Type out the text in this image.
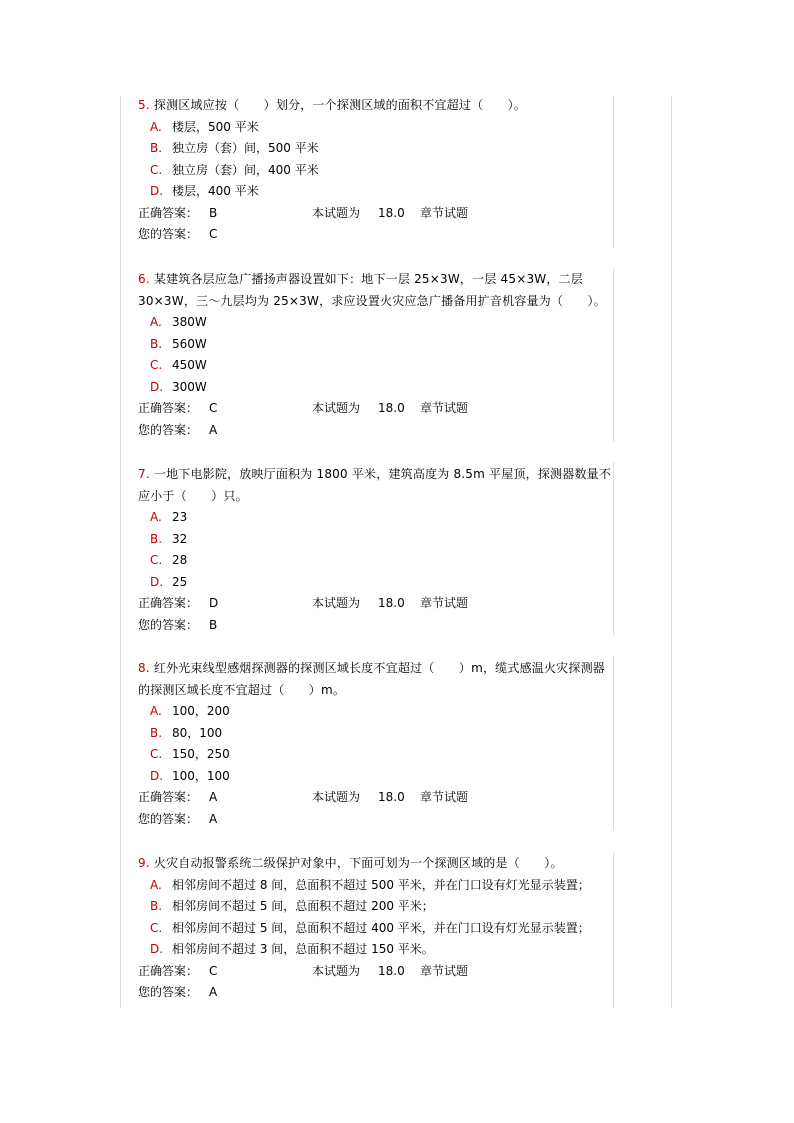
5. 探测区域应按（　　）划分，一个探测区域的面积不宜超过（　　）。
A. 楼层，500 平米
B. 独立房（套）间，500 平米
C. 独立房（套）间，400 平米
D. 楼层，400 平米
正确答案： B	本试题为 18.0 章节试题
您的答案： C
6. 某建筑各层应急广播扬声器设置如下：地下一层 25×3W，一层 45×3W，二层 30×3W，三～九层均为 25×3W，求应设置火灾应急广播备用扩音机容量为（　　）。
A. 380W
B. 560W
C. 450W
D. 300W
正确答案： C	本试题为 18.0 章节试题
您的答案： A
7. 一地下电影院，放映厅面积为 1800 平米，建筑高度为 8.5m 平屋顶，探测器数量不应小于（　　）只。
A. 23
B. 32
C. 28
D. 25
正确答案： D	本试题为 18.0 章节试题
您的答案： B
8. 红外光束线型感烟探测器的探测区域长度不宜超过（　　）m，缆式感温火灾探测器的探测区域长度不宜超过（　　）m。
A. 100，200
B. 80，100
C. 150，250
D. 100，100
正确答案： A	本试题为 18.0 章节试题
您的答案： A
9. 火灾自动报警系统二级保护对象中，下面可划为一个探测区域的是（　　）。
A. 相邻房间不超过 8 间，总面积不超过 500 平米，并在门口设有灯光显示装置；
B. 相邻房间不超过 5 间，总面积不超过 200 平米；
C. 相邻房间不超过 5 间，总面积不超过 400 平米，并在门口设有灯光显示装置；
D. 相邻房间不超过 3 间，总面积不超过 150 平米。
正确答案： C	本试题为 18.0 章节试题
您的答案： A
